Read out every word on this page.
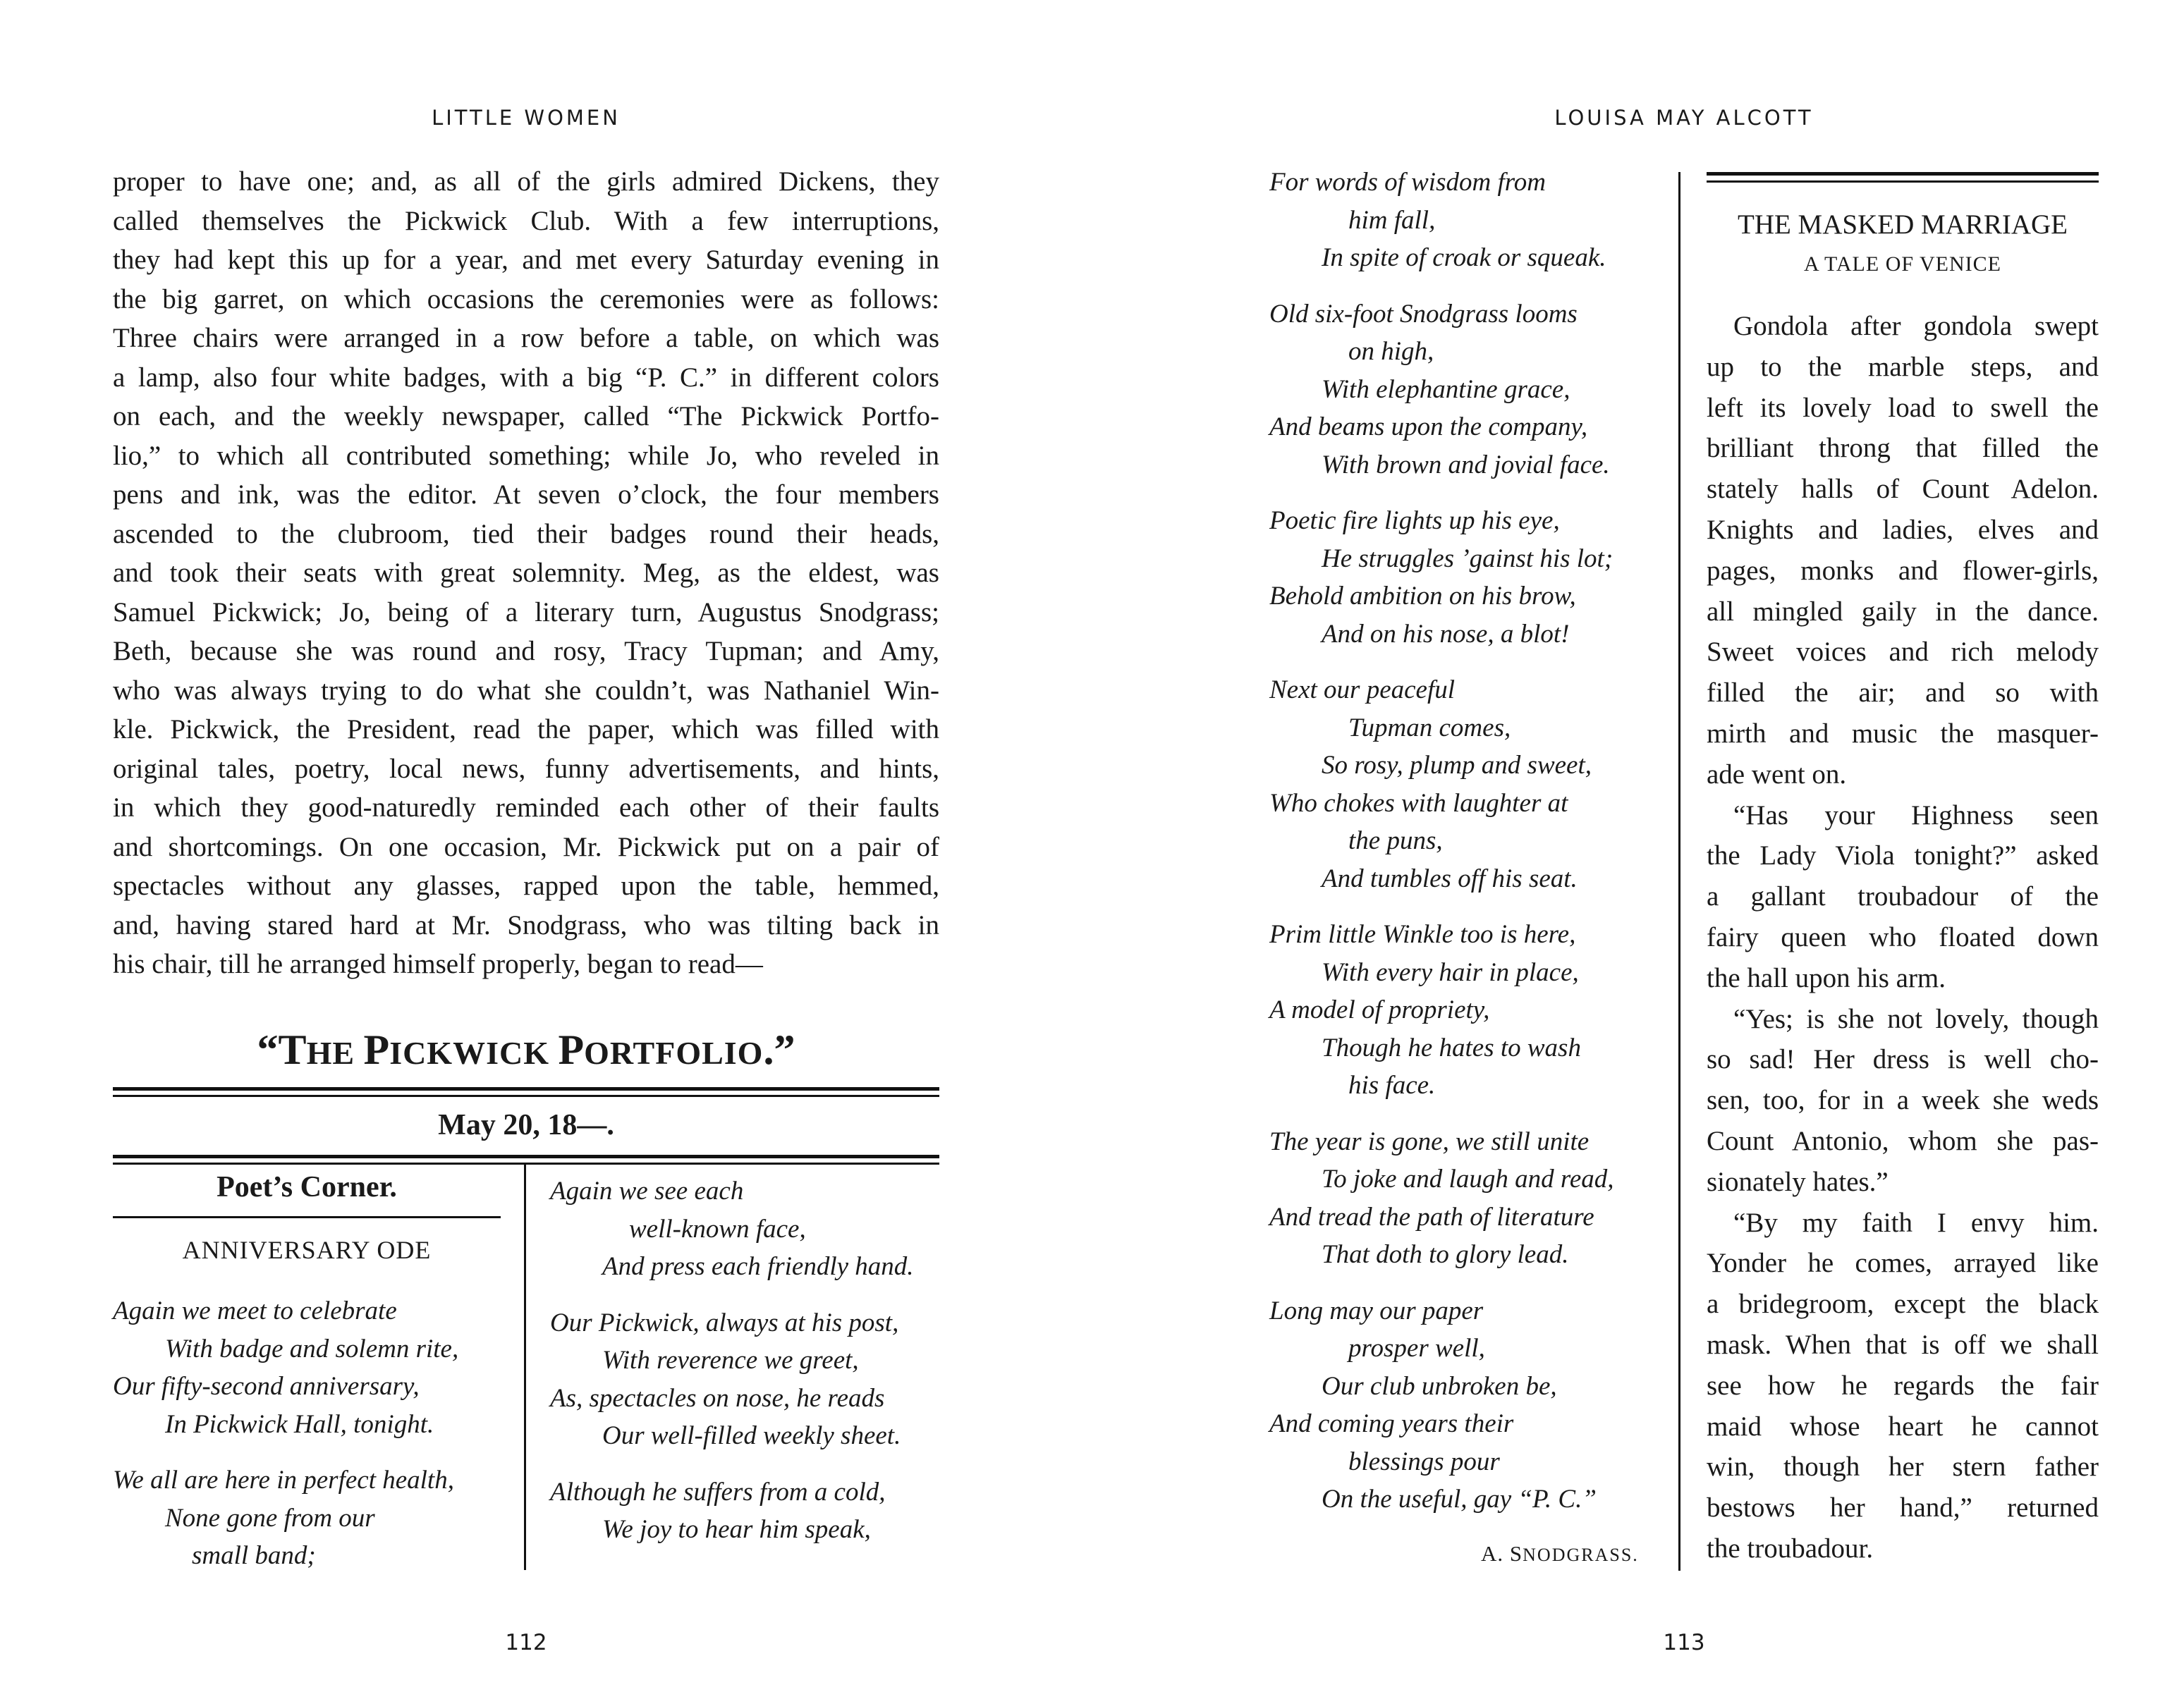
LITTLE WOMEN
proper to have one; and, as all of the girls admired Dickens, they
called themselves the Pickwick Club. With a few interruptions,
they had kept this up for a year, and met every Saturday evening in
the big garret, on which occasions the ceremonies were as follows:
Three chairs were arranged in a row before a table, on which was
a lamp, also four white badges, with a big “P. C.” in different colors
on each, and the weekly newspaper, called “The Pickwick Portfo-
lio,” to which all contributed something; while Jo, who reveled in
pens and ink, was the editor. At seven o’clock, the four members
ascended to the clubroom, tied their badges round their heads,
and took their seats with great solemnity. Meg, as the eldest, was
Samuel Pickwick; Jo, being of a literary turn, Augustus Snodgrass;
Beth, because she was round and rosy, Tracy Tupman; and Amy,
who was always trying to do what she couldn’t, was Nathaniel Win-
kle. Pickwick, the President, read the paper, which was filled with
original tales, poetry, local news, funny advertisements, and hints,
in which they good-naturedly reminded each other of their faults
and shortcomings. On one occasion, Mr. Pickwick put on a pair of
spectacles without any glasses, rapped upon the table, hemmed,
and, having stared hard at Mr. Snodgrass, who was tilting back in
his chair, till he arranged himself properly, began to read—
“THE PICKWICK PORTFOLIO.”
May 20, 18—.
Poet’s Corner.
ANNIVERSARY ODE
Again we meet to celebrate
With badge and solemn rite,
Our fifty-second anniversary,
In Pickwick Hall, tonight.
We all are here in perfect health,
None gone from our
small band;
Again we see each
well-known face,
And press each friendly hand.
Our Pickwick, always at his post,
With reverence we greet,
As, spectacles on nose, he reads
Our well-filled weekly sheet.
Although he suffers from a cold,
We joy to hear him speak,
112
LOUISA MAY ALCOTT
For words of wisdom from
him fall,
In spite of croak or squeak.
Old six-foot Snodgrass looms
on high,
With elephantine grace,
And beams upon the company,
With brown and jovial face.
Poetic fire lights up his eye,
He struggles ’gainst his lot;
Behold ambition on his brow,
And on his nose, a blot!
Next our peaceful
Tupman comes,
So rosy, plump and sweet,
Who chokes with laughter at
the puns,
And tumbles off his seat.
Prim little Winkle too is here,
With every hair in place,
A model of propriety,
Though he hates to wash
his face.
The year is gone, we still unite
To joke and laugh and read,
And tread the path of literature
That doth to glory lead.
Long may our paper
prosper well,
Our club unbroken be,
And coming years their
blessings pour
On the useful, gay “P. C.”
A. SNODGRASS.
THE MASKED MARRIAGE
A TALE OF VENICE
Gondola after gondola swept
up to the marble steps, and
left its lovely load to swell the
brilliant throng that filled the
stately halls of Count Adelon.
Knights and ladies, elves and
pages, monks and flower-girls,
all mingled gaily in the dance.
Sweet voices and rich melody
filled the air; and so with
mirth and music the masquer-
ade went on.
“Has your Highness seen
the Lady Viola tonight?” asked
a gallant troubadour of the
fairy queen who floated down
the hall upon his arm.
“Yes; is she not lovely, though
so sad! Her dress is well cho-
sen, too, for in a week she weds
Count Antonio, whom she pas-
sionately hates.”
“By my faith I envy him.
Yonder he comes, arrayed like
a bridegroom, except the black
mask. When that is off we shall
see how he regards the fair
maid whose heart he cannot
win, though her stern father
bestows her hand,” returned
the troubadour.
113
